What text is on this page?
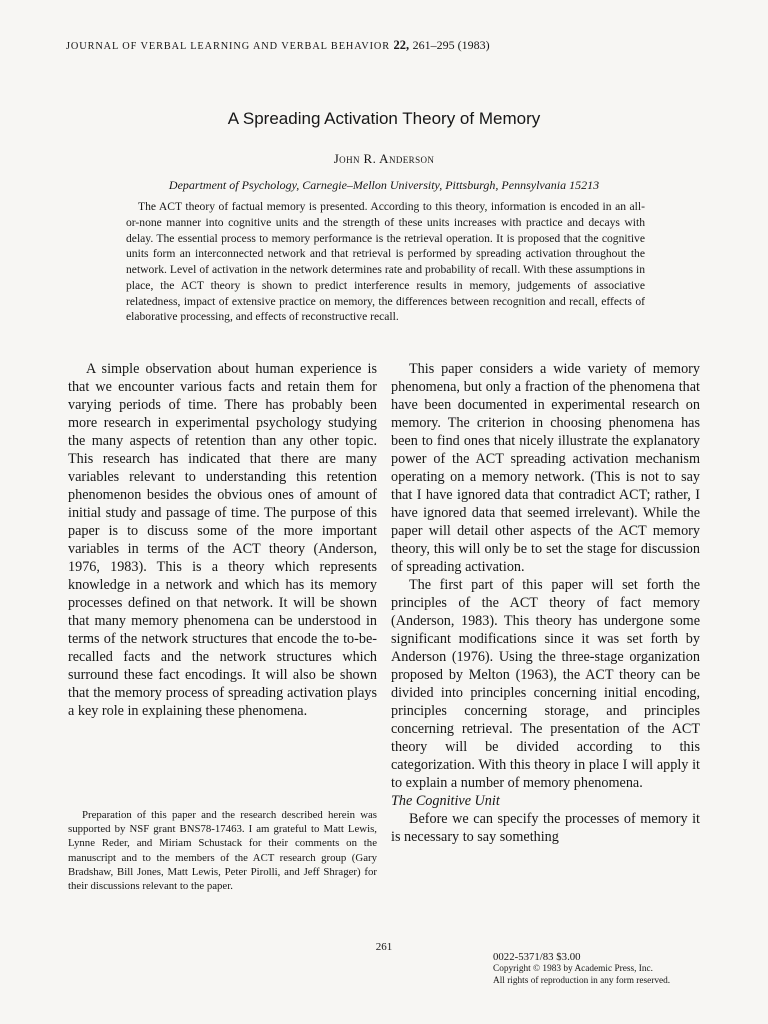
JOURNAL OF VERBAL LEARNING AND VERBAL BEHAVIOR 22, 261–295 (1983)
A Spreading Activation Theory of Memory
John R. Anderson
Department of Psychology, Carnegie–Mellon University, Pittsburgh, Pennsylvania 15213
The ACT theory of factual memory is presented. According to this theory, information is encoded in an all-or-none manner into cognitive units and the strength of these units increases with practice and decays with delay. The essential process to memory performance is the retrieval operation. It is proposed that the cognitive units form an interconnected network and that retrieval is performed by spreading activation throughout the network. Level of activation in the network determines rate and probability of recall. With these assumptions in place, the ACT theory is shown to predict interference results in memory, judgements of associative relatedness, impact of extensive practice on memory, the differences between recognition and recall, effects of elaborative processing, and effects of reconstructive recall.

A simple observation about human experience is that we encounter various facts and retain them for varying periods of time. There has probably been more research in experimental psychology studying the many aspects of retention than any other topic. This research has indicated that there are many variables relevant to understanding this retention phenomenon besides the obvious ones of amount of initial study and passage of time. The purpose of this paper is to discuss some of the more important variables in terms of the ACT theory (Anderson, 1976, 1983). This is a theory which represents knowledge in a network and which has its memory processes defined on that network. It will be shown that many memory phenomena can be understood in terms of the network structures that encode the to-be-recalled facts and the network structures which surround these fact encodings. It will also be shown that the memory process of spreading activation plays a key role in explaining these phenomena.

This paper considers a wide variety of memory phenomena, but only a fraction of the phenomena that have been documented in experimental research on memory. The criterion in choosing phenomena has been to find ones that nicely illustrate the explanatory power of the ACT spreading activation mechanism operating on a memory network. (This is not to say that I have ignored data that contradict ACT; rather, I have ignored data that seemed irrelevant). While the paper will detail other aspects of the ACT memory theory, this will only be to set the stage for discussion of spreading activation.

The first part of this paper will set forth the principles of the ACT theory of fact memory (Anderson, 1983). This theory has undergone some significant modifications since it was set forth by Anderson (1976). Using the three-stage organization proposed by Melton (1963), the ACT theory can be divided into principles concerning initial encoding, principles concerning storage, and principles concerning retrieval. The presentation of the ACT theory will be divided according to this categorization. With this theory in place I will apply it to explain a number of memory phenomena.

The Cognitive Unit

Before we can specify the processes of memory it is necessary to say something

Preparation of this paper and the research described herein was supported by NSF grant BNS78-17463. I am grateful to Matt Lewis, Lynne Reder, and Miriam Schustack for their comments on the manuscript and to the members of the ACT research group (Gary Bradshaw, Bill Jones, Matt Lewis, Peter Pirolli, and Jeff Shrager) for their discussions relevant to the paper.

261
0022-5371/83 $3.00
Copyright © 1983 by Academic Press, Inc.
All rights of reproduction in any form reserved.
